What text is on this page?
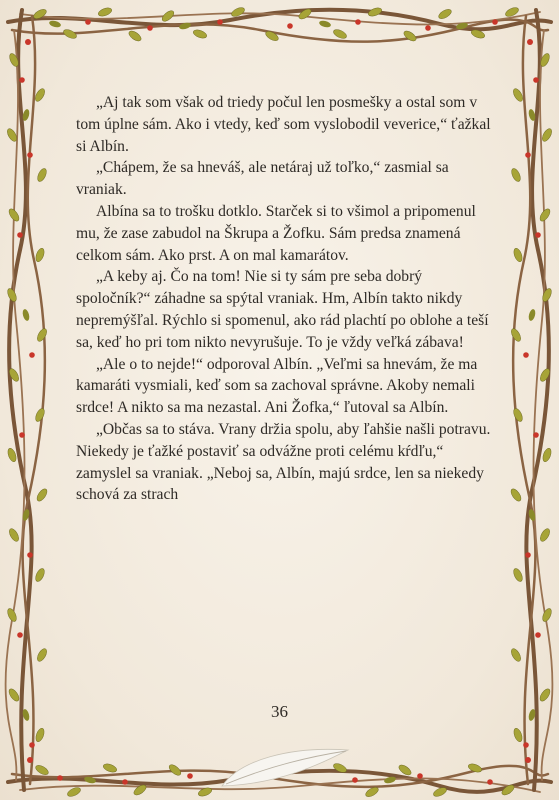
„Aj tak som však od triedy počul len posmešky a ostal som v tom úplne sám. Ako i vtedy, keď som vyslobodil veverice,“ ťažkal si Albín.

„Chápem, že sa hneváš, ale netáraj už toľko,“ zasmial sa vraniak.

Albína sa to trošku dotklo. Starček si to všimol a pripomenul mu, že zase zabudol na Škrupa a Žofku. Sám predsa znamená celkom sám. Ako prst. A on mal kamarátov.

„A keby aj. Čo na tom! Nie si ty sám pre seba dobrý spoločník?“ záhadne sa spýtal vraniak. Hm, Albín takto nikdy nepremýšľal. Rýchlo si spomenul, ako rád plachtí po oblohe a teší sa, keď ho pri tom nikto nevyrušuje. To je vždy veľká zábava!

„Ale o to nejde!“ odporoval Albín. „Veľmi sa hnevám, že ma kamaráti vysmiali, keď som sa zachoval správne. Akoby nemali srdce! A nikto sa ma nezastal. Ani Žofka,“ ľutoval sa Albín.

„Občas sa to stáva. Vrany držia spolu, aby ľahšie našli potravu. Niekedy je ťažké postaviť sa odvážne proti celému kŕdľu,“ zamyslel sa vraniak. „Neboj sa, Albín, majú srdce, len sa niekedy schová za strach

36
